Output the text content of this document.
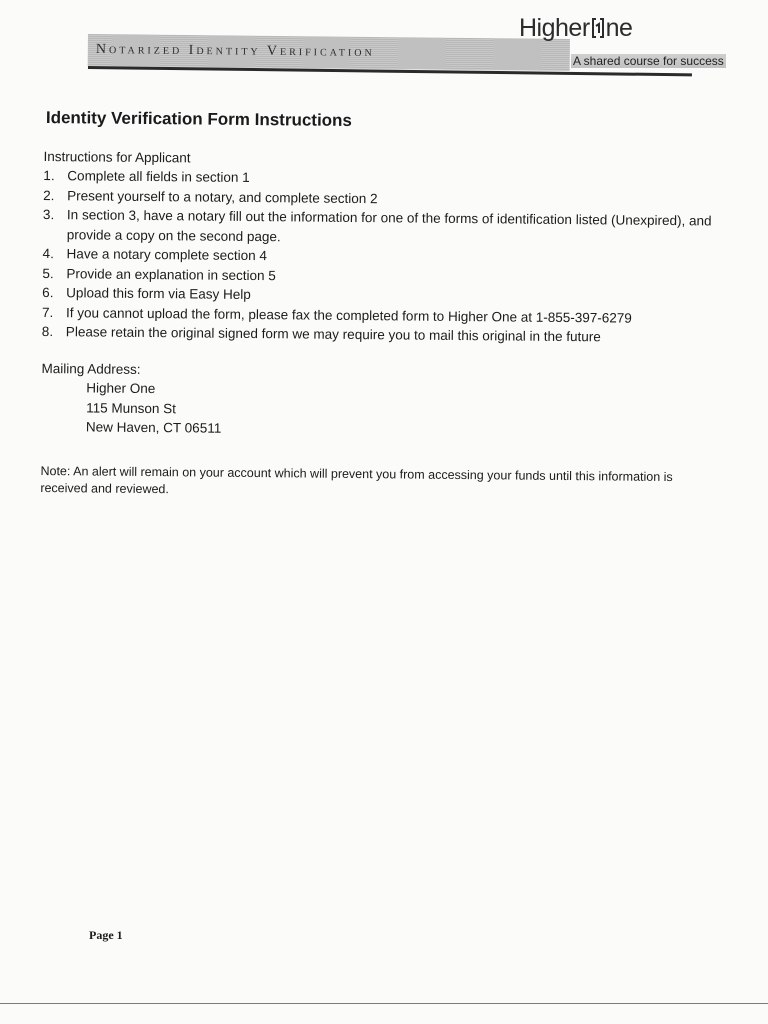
Notarized Identity Verification
Higher ne
A shared course for success
Identity Verification Form Instructions
Instructions for Applicant
1. Complete all fields in section 1
2. Present yourself to a notary, and complete section 2
3. In section 3, have a notary fill out the information for one of the forms of identification listed (Unexpired), and provide a copy on the second page.
4. Have a notary complete section 4
5. Provide an explanation in section 5
6. Upload this form via Easy Help
7. If you cannot upload the form, please fax the completed form to Higher One at 1-855-397-6279
8. Please retain the original signed form we may require you to mail this original in the future
Mailing Address:
Higher One
115 Munson St
New Haven, CT 06511
Note: An alert will remain on your account which will prevent you from accessing your funds until this information is received and reviewed.
Page 1
